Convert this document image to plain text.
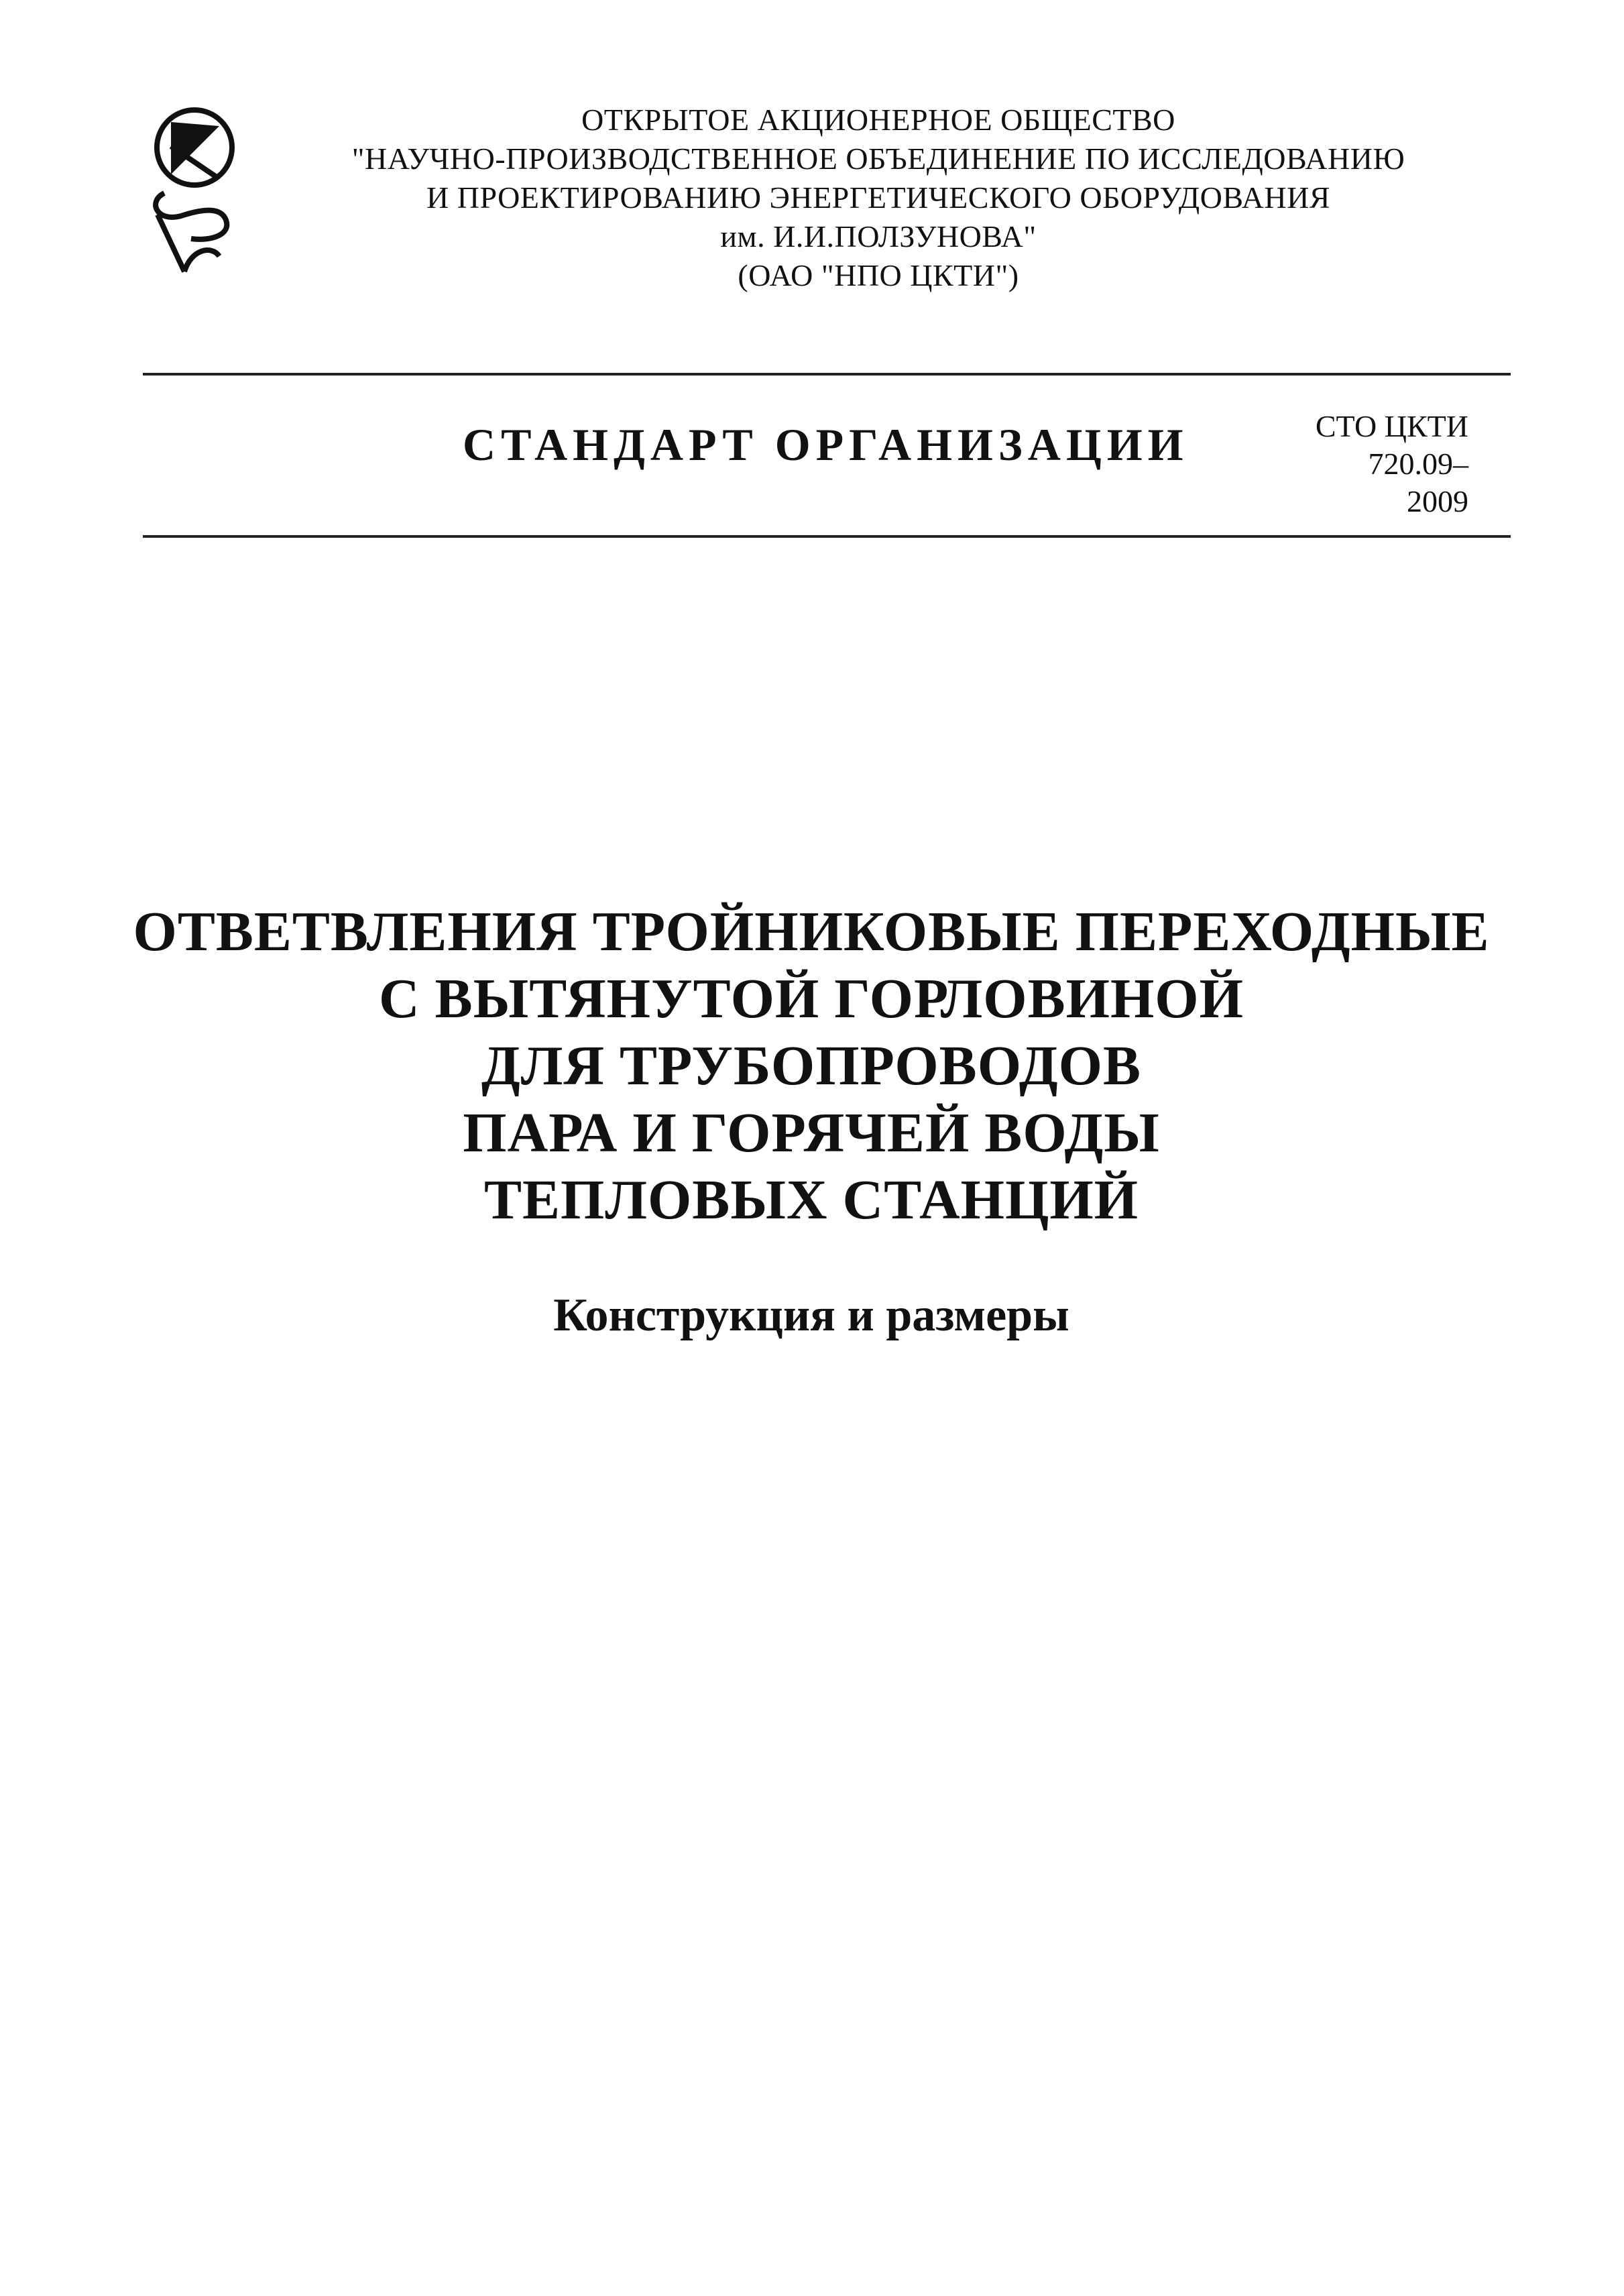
ОТКРЫТОЕ АКЦИОНЕРНОЕ ОБЩЕСТВО
"НАУЧНО-ПРОИЗВОДСТВЕННОЕ ОБЪЕДИНЕНИЕ ПО ИССЛЕДОВАНИЮ
И ПРОЕКТИРОВАНИЮ ЭНЕРГЕТИЧЕСКОГО ОБОРУДОВАНИЯ
им. И.И.ПОЛЗУНОВА"
(ОАО "НПО ЦКТИ")
СТАНДАРТ ОРГАНИЗАЦИИ	СТО ЦКТИ
720.09–
2009
ОТВЕТВЛЕНИЯ ТРОЙНИКОВЫЕ ПЕРЕХОДНЫЕ
С ВЫТЯНУТОЙ ГОРЛОВИНОЙ
ДЛЯ ТРУБОПРОВОДОВ
ПАРА И ГОРЯЧЕЙ ВОДЫ
ТЕПЛОВЫХ СТАНЦИЙ
Конструкция и размеры
